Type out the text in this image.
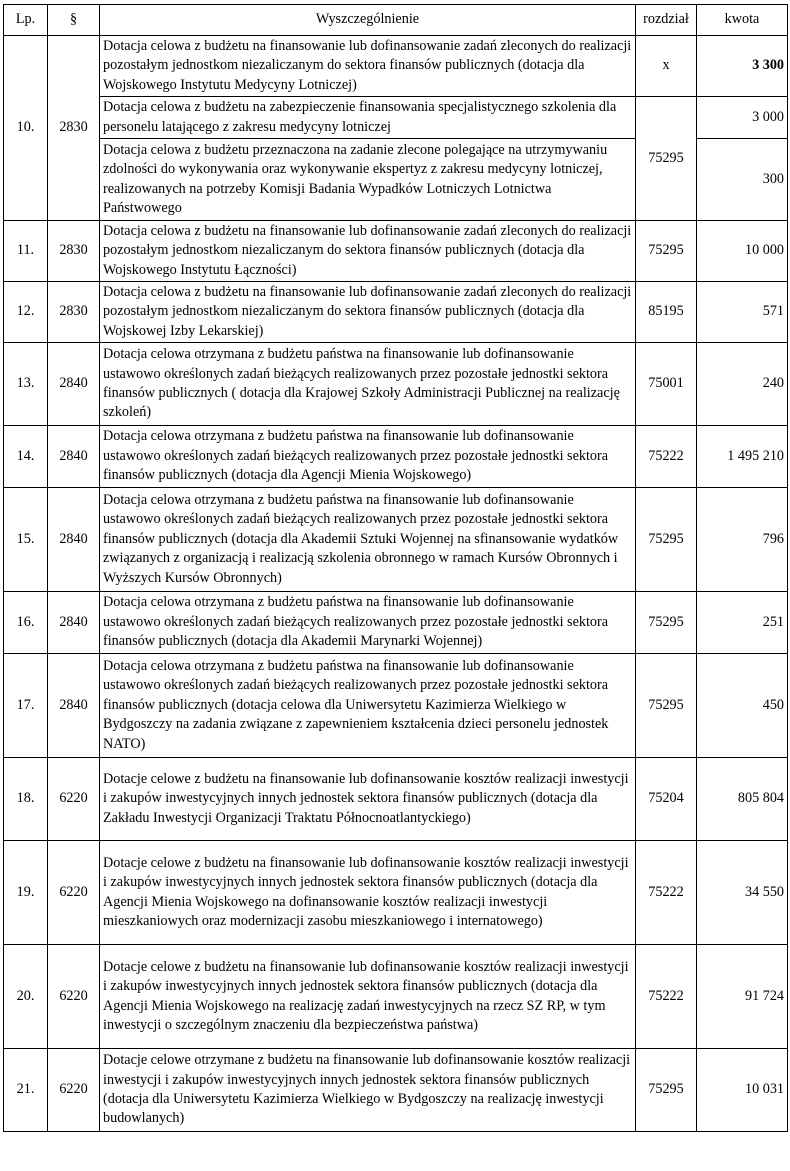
Lp.	§	Wyszczególnienie	rozdział	kwota
10.	2830	Dotacja celowa z budżetu na finansowanie lub dofinansowanie zadań zleconych do realizacji pozostałym jednostkom niezaliczanym do sektora finansów publicznych (dotacja dla Wojskowego Instytutu Medycyny Lotniczej)	x	3 300
		Dotacja celowa z budżetu na zabezpieczenie finansowania specjalistycznego szkolenia dla personelu latającego z zakresu medycyny lotniczej	75295	3 000
		Dotacja celowa z budżetu przeznaczona na zadanie zlecone polegające na utrzymywaniu zdolności do wykonywania oraz wykonywanie ekspertyz z zakresu medycyny lotniczej, realizowanych na potrzeby Komisji Badania Wypadków Lotniczych Lotnictwa Państwowego		300
11.	2830	Dotacja celowa z budżetu na finansowanie lub dofinansowanie zadań zleconych do realizacji pozostałym jednostkom niezaliczanym do sektora finansów publicznych (dotacja dla Wojskowego Instytutu Łączności)	75295	10 000
12.	2830	Dotacja celowa z budżetu na finansowanie lub dofinansowanie zadań zleconych do realizacji pozostałym jednostkom niezaliczanym do sektora finansów publicznych (dotacja dla Wojskowej Izby Lekarskiej)	85195	571
13.	2840	Dotacja celowa otrzymana z budżetu państwa na finansowanie lub dofinansowanie ustawowo określonych zadań bieżących realizowanych przez pozostałe jednostki sektora finansów publicznych ( dotacja dla Krajowej Szkoły Administracji Publicznej na realizację szkoleń)	75001	240
14.	2840	Dotacja celowa otrzymana z budżetu państwa na finansowanie lub dofinansowanie ustawowo określonych zadań bieżących realizowanych przez pozostałe jednostki sektora finansów publicznych (dotacja dla Agencji Mienia Wojskowego)	75222	1 495 210
15.	2840	Dotacja celowa otrzymana z budżetu państwa na finansowanie lub dofinansowanie ustawowo określonych zadań bieżących realizowanych przez pozostałe jednostki sektora finansów publicznych (dotacja dla Akademii Sztuki Wojennej na sfinansowanie wydatków związanych z organizacją i realizacją szkolenia obronnego w ramach Kursów Obronnych i Wyższych Kursów Obronnych)	75295	796
16.	2840	Dotacja celowa otrzymana z budżetu państwa na finansowanie lub dofinansowanie ustawowo określonych zadań bieżących realizowanych przez pozostałe jednostki sektora finansów publicznych (dotacja dla Akademii Marynarki Wojennej)	75295	251
17.	2840	Dotacja celowa otrzymana z budżetu państwa na finansowanie lub dofinansowanie ustawowo określonych zadań bieżących realizowanych przez pozostałe jednostki sektora finansów publicznych (dotacja celowa dla Uniwersytetu Kazimierza Wielkiego w Bydgoszczy na zadania związane z zapewnieniem kształcenia dzieci personelu jednostek NATO)	75295	450
18.	6220	Dotacje celowe z budżetu na finansowanie lub dofinansowanie kosztów realizacji inwestycji i zakupów inwestycyjnych innych jednostek sektora finansów publicznych (dotacja dla Zakładu Inwestycji Organizacji Traktatu Północnoatlantyckiego)	75204	805 804
19.	6220	Dotacje celowe z budżetu na finansowanie lub dofinansowanie kosztów realizacji inwestycji i zakupów inwestycyjnych innych jednostek sektora finansów publicznych (dotacja dla Agencji Mienia Wojskowego na dofinansowanie kosztów realizacji inwestycji mieszkaniowych oraz modernizacji zasobu mieszkaniowego i internatowego)	75222	34 550
20.	6220	Dotacje celowe z budżetu na finansowanie lub dofinansowanie kosztów realizacji inwestycji i zakupów inwestycyjnych innych jednostek sektora finansów publicznych (dotacja dla Agencji Mienia Wojskowego na realizację zadań inwestycyjnych na rzecz SZ RP, w tym inwestycji o szczególnym znaczeniu dla bezpieczeństwa państwa)	75222	91 724
21.	6220	Dotacje celowe otrzymane z budżetu na finansowanie lub dofinansowanie kosztów realizacji inwestycji i zakupów inwestycyjnych innych jednostek sektora finansów publicznych (dotacja dla Uniwersytetu Kazimierza Wielkiego w Bydgoszczy na realizację inwestycji budowlanych)	75295	10 031
